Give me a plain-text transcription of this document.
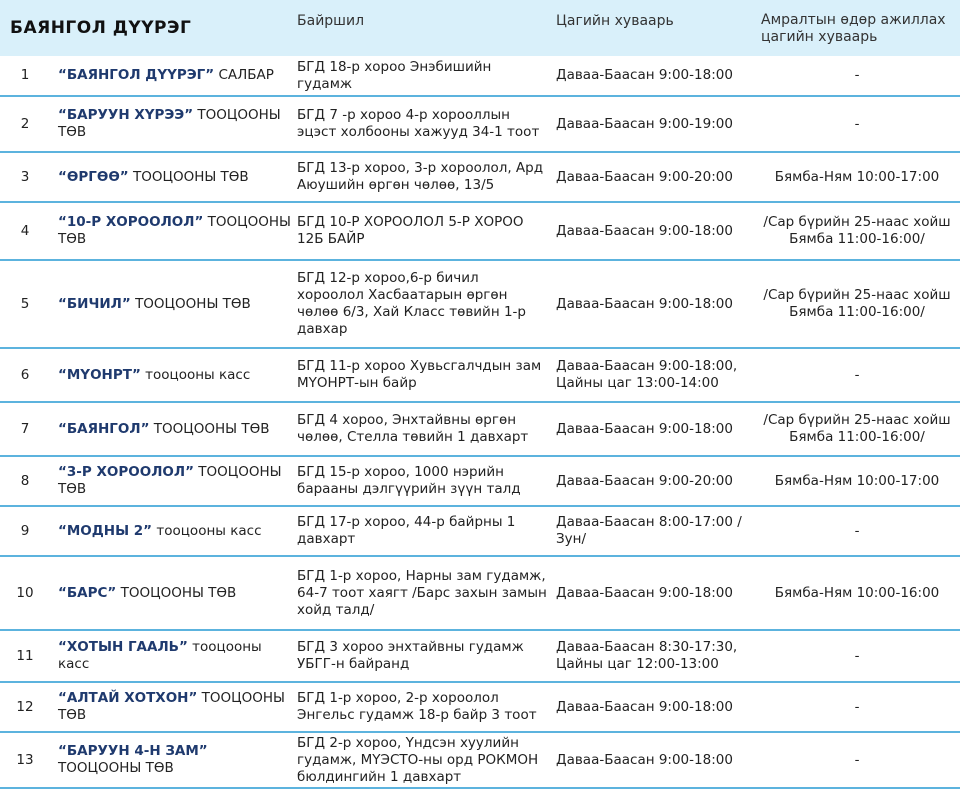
БАЯНГОЛ ДҮҮРЭГ		Байршил	Цагийн хуваарь	Амралтын өдөр ажиллах цагийн хуваарь
1	“БАЯНГОЛ ДҮҮРЭГ” САЛБАР	БГД 18-р хороо Энэбишийн гудамж	Даваа-Баасан 9:00-18:00	-
2	“БАРУУН ХҮРЭЭ” ТООЦООНЫ ТӨВ	БГД 7 -р хороо 4-р хорооллын эцэст холбооны хажууд 34-1 тоот	Даваа-Баасан 9:00-19:00	-
3	“ӨРГӨӨ” ТООЦООНЫ ТӨВ	БГД 13-р хороо, 3-р хороолол, Ард Аюушийн өргөн чөлөө, 13/5	Даваа-Баасан 9:00-20:00	Бямба-Ням 10:00-17:00
4	“10-Р ХОРООЛОЛ” ТООЦООНЫ ТӨВ	БГД 10-Р ХОРООЛОЛ 5-Р ХОРОО 12Б БАЙР	Даваа-Баасан 9:00-18:00	/Сар бүрийн 25-наас хойш Бямба 11:00-16:00/
5	“БИЧИЛ” ТООЦООНЫ ТӨВ	БГД 12-р хороо,6-р бичил хороолол Хасбаатарын өргөн чөлөө 6/3, Хай Класс төвийн 1-р давхар	Даваа-Баасан 9:00-18:00	/Сар бүрийн 25-наас хойш Бямба 11:00-16:00/
6	“МҮОНРТ” тооцооны касс	БГД 11-р хороо Хувьсгалчдын зам МҮОНРТ-ын байр	Даваа-Баасан 9:00-18:00, Цайны цаг 13:00-14:00	-
7	“БАЯНГОЛ” ТООЦООНЫ ТӨВ	БГД 4 хороо, Энхтайвны өргөн чөлөө, Стелла төвийн 1 давхарт	Даваа-Баасан 9:00-18:00	/Сар бүрийн 25-наас хойш Бямба 11:00-16:00/
8	“3-Р ХОРООЛОЛ” ТООЦООНЫ ТӨВ	БГД 15-р хороо, 1000 нэрийн барааны дэлгүүрийн зүүн талд	Даваа-Баасан 9:00-20:00	Бямба-Ням 10:00-17:00
9	“МОДНЫ 2” тооцооны касс	БГД 17-р хороо, 44-р байрны 1 давхарт	Даваа-Баасан 8:00-17:00 /Зун/	-
10	“БАРС” ТООЦООНЫ ТӨВ	БГД 1-р хороо, Нарны зам гудамж, 64-7 тоот хаягт /Барс захын замын хойд талд/	Даваа-Баасан 9:00-18:00	Бямба-Ням 10:00-16:00
11	“ХОТЫН ГААЛЬ” тооцооны касс	БГД 3 хороо энхтайвны гудамж УБГГ-н байранд	Даваа-Баасан 8:30-17:30, Цайны цаг 12:00-13:00	-
12	“АЛТАЙ ХОТХОН” ТООЦООНЫ ТӨВ	БГД 1-р хороо, 2-р хороолол Энгельс гудамж 18-р байр 3 тоот	Даваа-Баасан 9:00-18:00	-
13	“БАРУУН 4-Н ЗАМ” ТООЦООНЫ ТӨВ	БГД 2-р хороо, Үндсэн хуулийн гудамж, МҮЭСТО-ны орд РОКМОН бюлдингийн 1 давхарт	Даваа-Баасан 9:00-18:00	-
